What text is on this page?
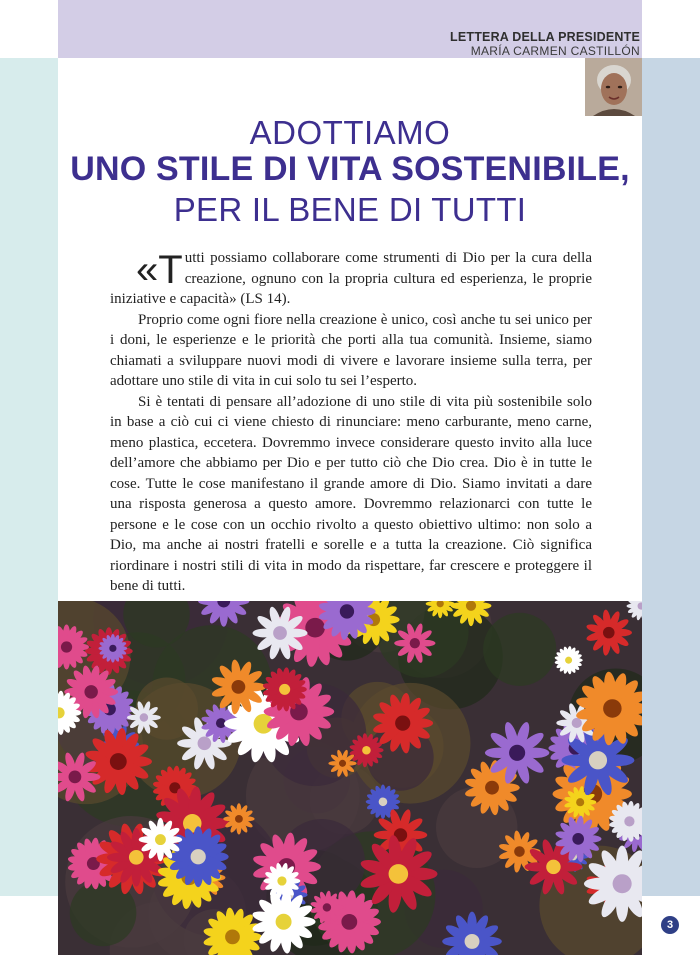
LETTERA DELLA PRESIDENTE
MARÍA CARMEN CASTILLÓN
ADOTTIAMO
UNO STILE DI VITA SOSTENIBILE,
PER IL BENE DI TUTTI

«Tutti possiamo collaborare come strumenti di Dio per la cura della creazione, ognuno con la propria cultura ed esperienza, le proprie iniziative e capacità» (LS 14).

Proprio come ogni fiore nella creazione è unico, così anche tu sei unico per i doni, le esperienze e le priorità che porti alla tua comunità. Insieme, siamo chiamati a sviluppare nuovi modi di vivere e lavorare insieme sulla terra, per adottare uno stile di vita in cui solo tu sei l’esperto.

Si è tentati di pensare all’adozione di uno stile di vita più sostenibile solo in base a ciò cui ci viene chiesto di rinunciare: meno carburante, meno carne, meno plastica, eccetera. Dovremmo invece considerare questo invito alla luce dell’amore che abbiamo per Dio e per tutto ciò che Dio crea. Dio è in tutte le cose. Tutte le cose manifestano il grande amore di Dio. Siamo invitati a dare una risposta generosa a questo amore. Dovremmo relazionarci con tutte le persone e le cose con un occhio rivolto a questo obiettivo ultimo: non solo a Dio, ma anche ai nostri fratelli e sorelle e a tutta la creazione. Ciò significa riordinare i nostri stili di vita in modo da rispettare, far crescere e proteggere il bene di tutti.

3
